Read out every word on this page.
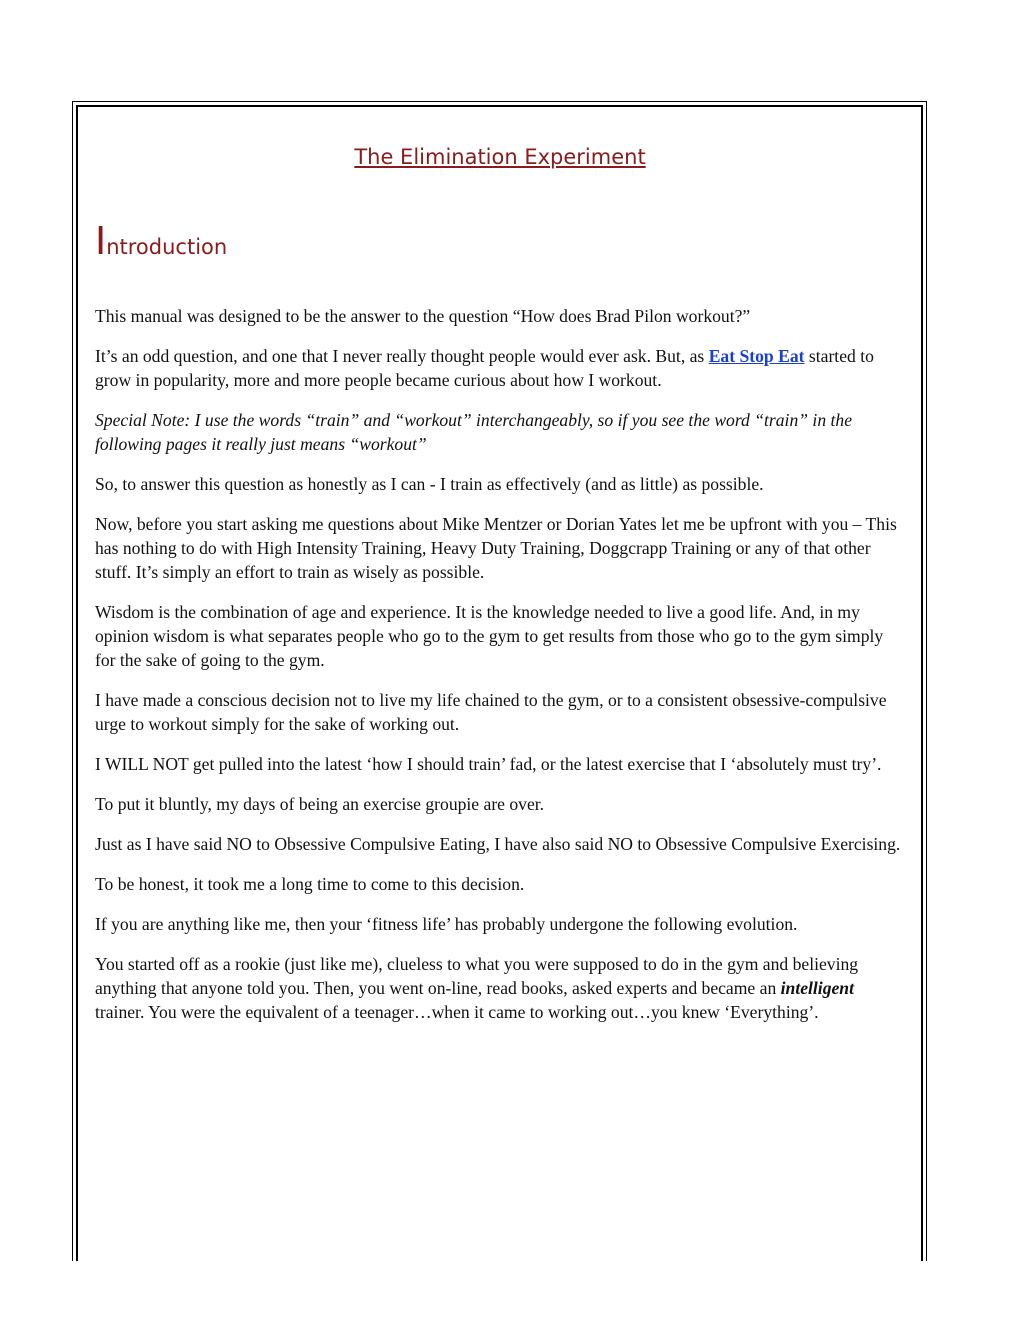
The Elimination Experiment
Introduction

This manual was designed to be the answer to the question “How does Brad Pilon workout?”

It’s an odd question, and one that I never really thought people would ever ask. But, as Eat Stop Eat started to grow in popularity, more and more people became curious about how I workout.

Special Note: I use the words “train” and “workout” interchangeably, so if you see the word “train” in the following pages it really just means “workout”

So, to answer this question as honestly as I can - I train as effectively (and as little) as possible.

Now, before you start asking me questions about Mike Mentzer or Dorian Yates let me be upfront with you – This has nothing to do with High Intensity Training, Heavy Duty Training, Doggcrapp Training or any of that other stuff. It’s simply an effort to train as wisely as possible.

Wisdom is the combination of age and experience. It is the knowledge needed to live a good life. And, in my opinion wisdom is what separates people who go to the gym to get results from those who go to the gym simply for the sake of going to the gym.

I have made a conscious decision not to live my life chained to the gym, or to a consistent obsessive-compulsive urge to workout simply for the sake of working out.

I WILL NOT get pulled into the latest ‘how I should train’ fad, or the latest exercise that I ‘absolutely must try’.

To put it bluntly, my days of being an exercise groupie are over.

Just as I have said NO to Obsessive Compulsive Eating, I have also said NO to Obsessive Compulsive Exercising.

To be honest, it took me a long time to come to this decision.

If you are anything like me, then your ‘fitness life’ has probably undergone the following evolution.

You started off as a rookie (just like me), clueless to what you were supposed to do in the gym and believing anything that anyone told you. Then, you went on-line, read books, asked experts and became an intelligent trainer. You were the equivalent of a teenager…when it came to working out…you knew ‘Everything’.
